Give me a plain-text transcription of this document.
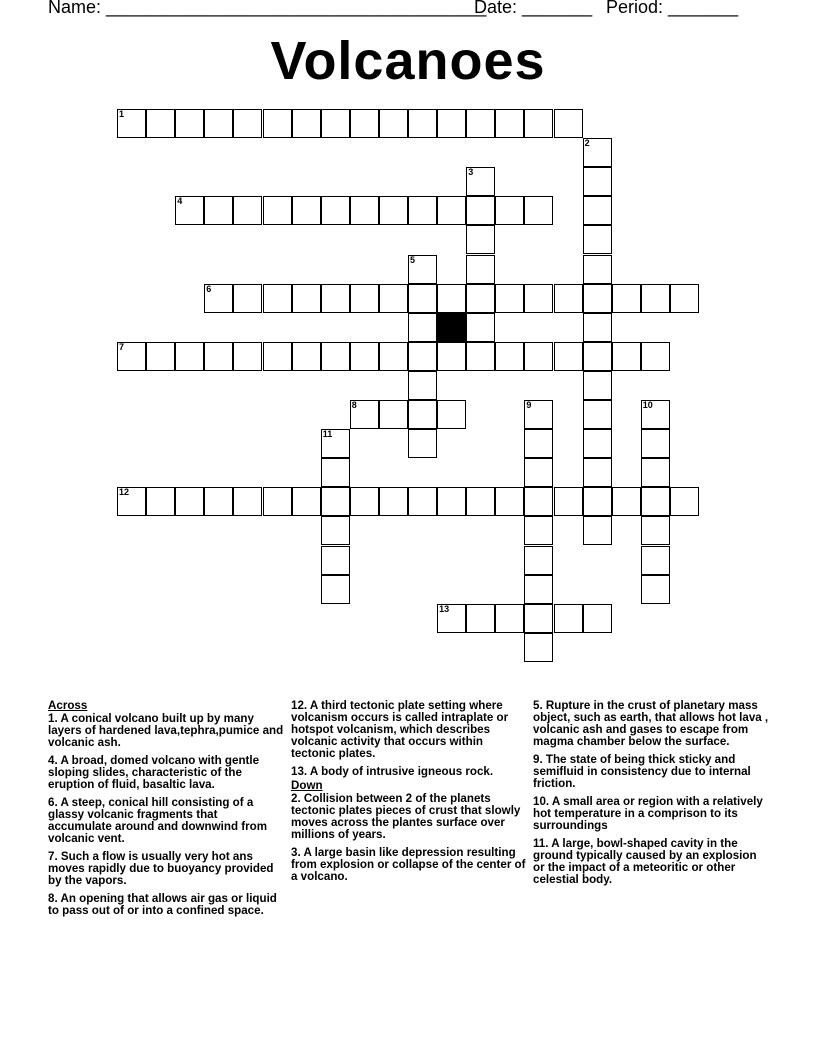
Name: ______________________________________
Date: _______ Period: _______
Volcanoes
1
2
3
4
5
6
7
8	9	10
11
12
13
Across
1. A conical volcano built up by many layers of hardened lava,tephra,pumice and volcanic ash.
4. A broad, domed volcano with gentle sloping slides, characteristic of the eruption of fluid, basaltic lava.
6. A steep, conical hill consisting of a glassy volcanic fragments that accumulate around and downwind from volcanic vent.
7. Such a flow is usually very hot ans moves rapidly due to buoyancy provided by the vapors.
8. An opening that allows air gas or liquid to pass out of or into a confined space.
12. A third tectonic plate setting where volcanism occurs is called intraplate or hotspot volcanism, which describes volcanic activity that occurs within tectonic plates.
13. A body of intrusive igneous rock.
Down
2. Collision between 2 of the planets tectonic plates pieces of crust that slowly moves across the plantes surface over millions of years.
3. A large basin like depression resulting from explosion or collapse of the center of a volcano.
5. Rupture in the crust of planetary mass object, such as earth, that allows hot lava , volcanic ash and gases to escape from magma chamber below the surface.
9. The state of being thick sticky and semifluid in consistency due to internal friction.
10. A small area or region with a relatively hot temperature in a comprison to its surroundings
11. A large, bowl-shaped cavity in the ground typically caused by an explosion or the impact of a meteoritic or other celestial body.
